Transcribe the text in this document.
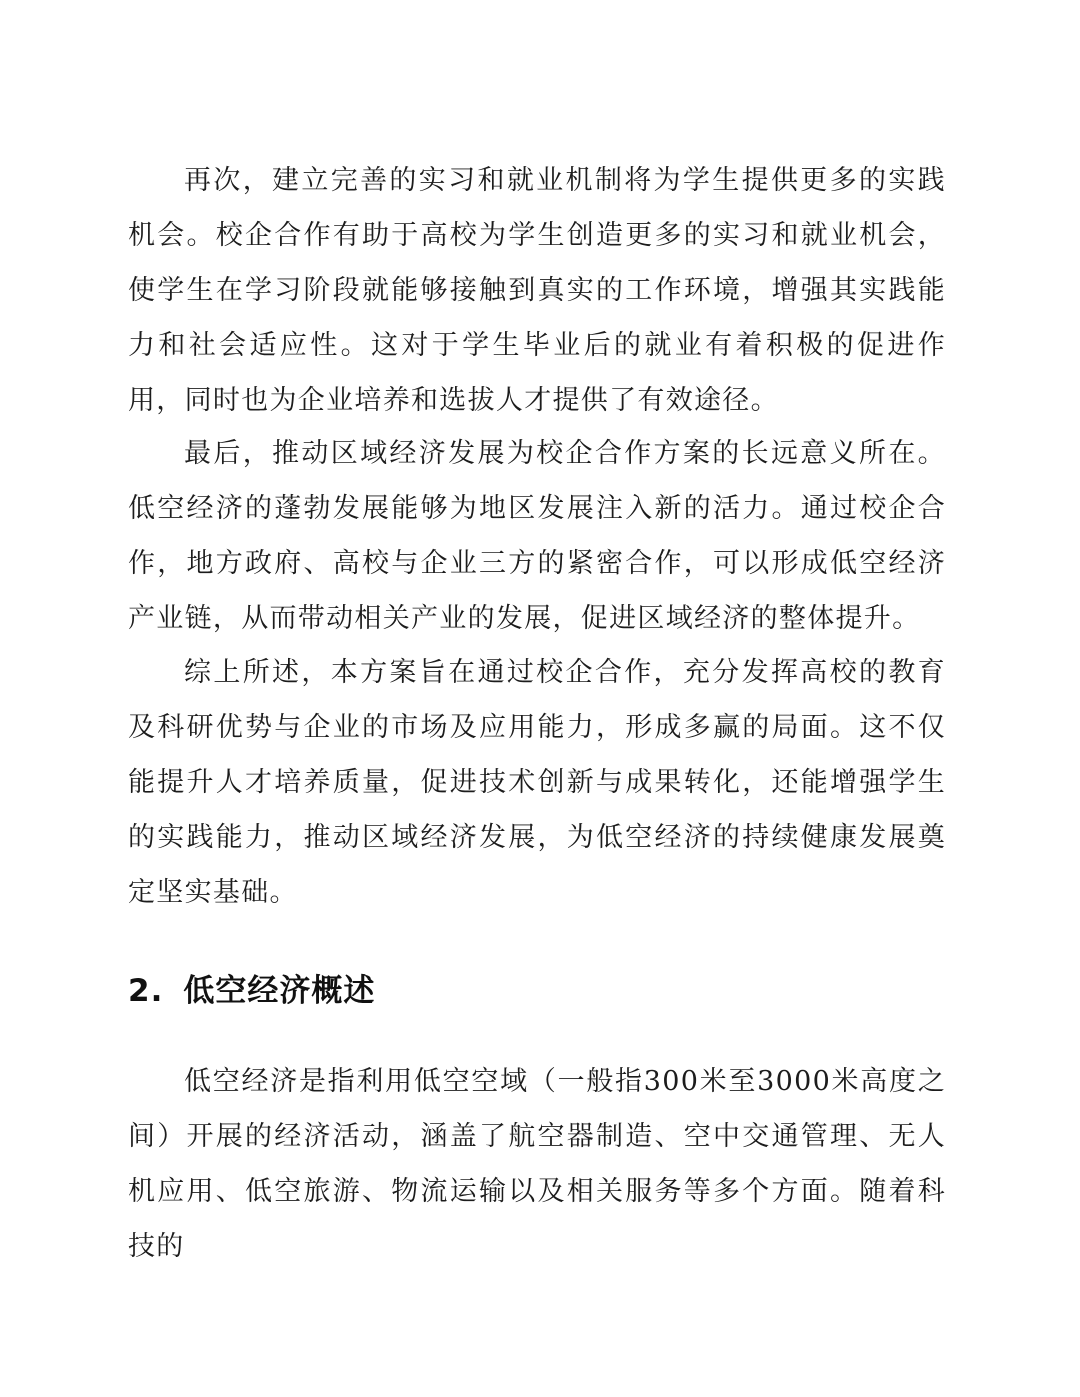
再次，建立完善的实习和就业机制将为学生提供更多的实践机会。校企合作有助于高校为学生创造更多的实习和就业机会，使学生在学习阶段就能够接触到真实的工作环境，增强其实践能力和社会适应性。这对于学生毕业后的就业有着积极的促进作用，同时也为企业培养和选拔人才提供了有效途径。

最后，推动区域经济发展为校企合作方案的长远意义所在。低空经济的蓬勃发展能够为地区发展注入新的活力。通过校企合作，地方政府、高校与企业三方的紧密合作，可以形成低空经济产业链，从而带动相关产业的发展，促进区域经济的整体提升。

综上所述，本方案旨在通过校企合作，充分发挥高校的教育及科研优势与企业的市场及应用能力，形成多赢的局面。这不仅能提升人才培养质量，促进技术创新与成果转化，还能增强学生的实践能力，推动区域经济发展，为低空经济的持续健康发展奠定坚实基础。

2. 低空经济概述

低空经济是指利用低空空域（一般指300米至3000米高度之间）开展的经济活动，涵盖了航空器制造、空中交通管理、无人机应用、低空旅游、物流运输以及相关服务等多个方面。随着科技的
